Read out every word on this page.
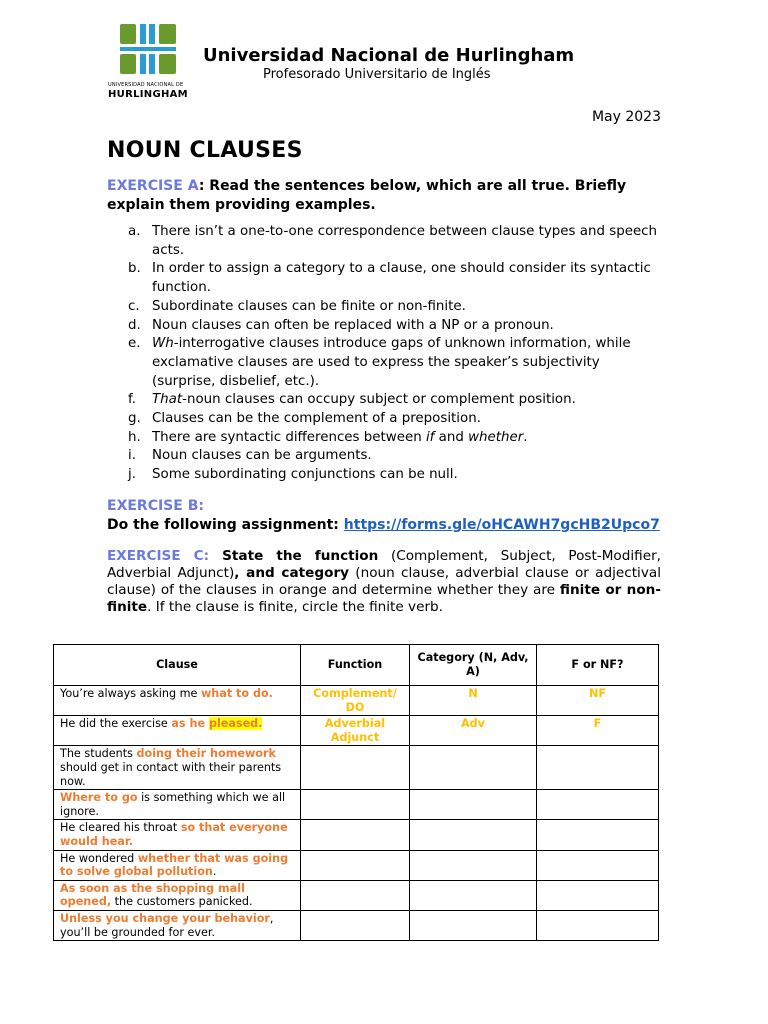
UNIVERSIDAD NACIONAL DE
HURLINGHAM
Universidad Nacional de Hurlingham
Profesorado Universitario de Inglés
May 2023
NOUN CLAUSES
EXERCISE A: Read the sentences below, which are all true. Briefly explain them providing examples.
a. There isn’t a one-to-one correspondence between clause types and speech acts.
b. In order to assign a category to a clause, one should consider its syntactic function.
c. Subordinate clauses can be finite or non-finite.
d. Noun clauses can often be replaced with a NP or a pronoun.
e. Wh-interrogative clauses introduce gaps of unknown information, while exclamative clauses are used to express the speaker’s subjectivity (surprise, disbelief, etc.).
f.	That-noun clauses can occupy subject or complement position.
g. Clauses can be the complement of a preposition.
h. There are syntactic differences between if and whether.
i.	Noun clauses can be arguments.
j.	Some subordinating conjunctions can be null.
EXERCISE B:
Do the following assignment: https://forms.gle/oHCAWH7gcHB2Upco7
EXERCISE C: State the function (Complement, Subject, Post-Modifier, Adverbial Adjunct), and category (noun clause, adverbial clause or adjectival clause) of the clauses in orange and determine whether they are finite or non-finite. If the clause is finite, circle the finite verb.
Clause	Function	Category (N, Adv, A)	F or NF?
You’re always asking me what to do.	Complement/ DO	N	NF
He did the exercise as he pleased.	Adverbial Adjunct	Adv	F
The students doing their homework should get in contact with their parents now.			
Where to go is something which we all ignore.			
He cleared his throat so that everyone would hear.			
He wondered whether that was going to solve global pollution.			
As soon as the shopping mall opened, the customers panicked.			
Unless you change your behavior, you’ll be grounded for ever.			
